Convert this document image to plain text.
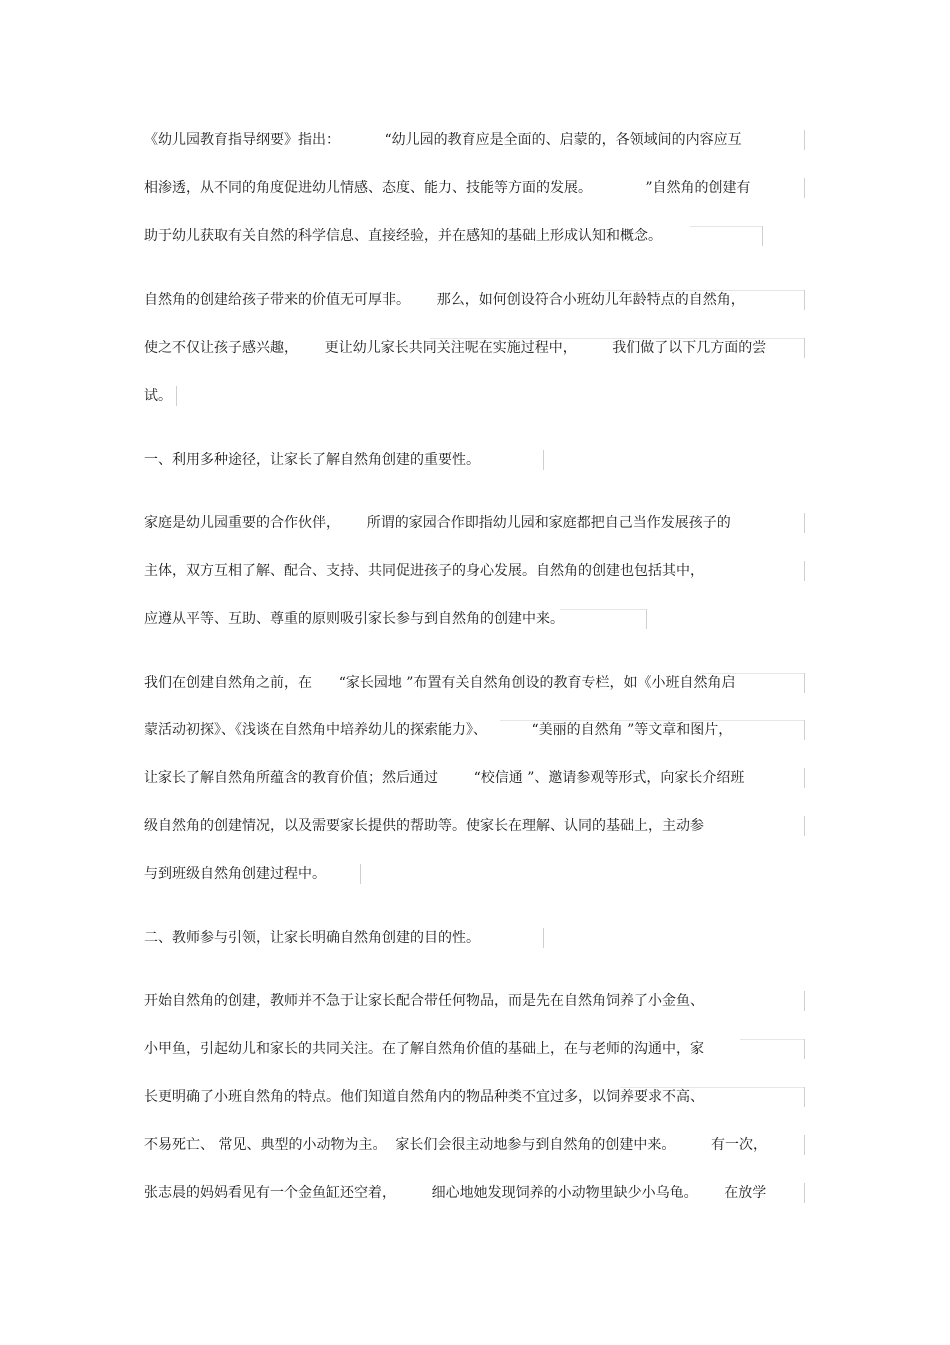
《幼儿园教育指导纲要》指出：          “幼儿园的教育应是全面的、启蒙的，各领域间的内容应互
相渗透，从不同的角度促进幼儿情感、态度、能力、技能等方面的发展。            ”自然角的创建有
助于幼儿获取有关自然的科学信息、直接经验，并在感知的基础上形成认知和概念。
自然角的创建给孩子带来的价值无可厚非。      那么，如何创设符合小班幼儿年龄特点的自然角，
使之不仅让孩子感兴趣，      更让幼儿家长共同关注呢在实施过程中，        我们做了以下几方面的尝
试。
一、利用多种途径，让家长了解自然角创建的重要性。
家庭是幼儿园重要的合作伙伴，      所谓的家园合作即指幼儿园和家庭都把自己当作发展孩子的
主体，双方互相了解、配合、支持、共同促进孩子的身心发展。自然角的创建也包括其中，
应遵从平等、互助、尊重的原则吸引家长参与到自然角的创建中来。
我们在创建自然角之前，在      “家长园地 ”布置有关自然角创设的教育专栏，如《小班自然角启
蒙活动初探》、《浅谈在自然角中培养幼儿的探索能力》、          “美丽的自然角 ”等文章和图片，
让家长了解自然角所蕴含的教育价值；然后通过        “校信通 ”、邀请参观等形式，向家长介绍班
级自然角的创建情况，以及需要家长提供的帮助等。使家长在理解、认同的基础上，主动参
与到班级自然角创建过程中。
二、教师参与引领，让家长明确自然角创建的目的性。
开始自然角的创建，教师并不急于让家长配合带任何物品，而是先在自然角饲养了小金鱼、
小甲鱼，引起幼儿和家长的共同关注。在了解自然角价值的基础上，在与老师的沟通中，家
长更明确了小班自然角的特点。他们知道自然角内的物品种类不宜过多，以饲养要求不高、
不易死亡、 常见、典型的小动物为主。  家长们会很主动地参与到自然角的创建中来。        有一次，
张志晨的妈妈看见有一个金鱼缸还空着，        细心地她发现饲养的小动物里缺少小乌龟。      在放学
